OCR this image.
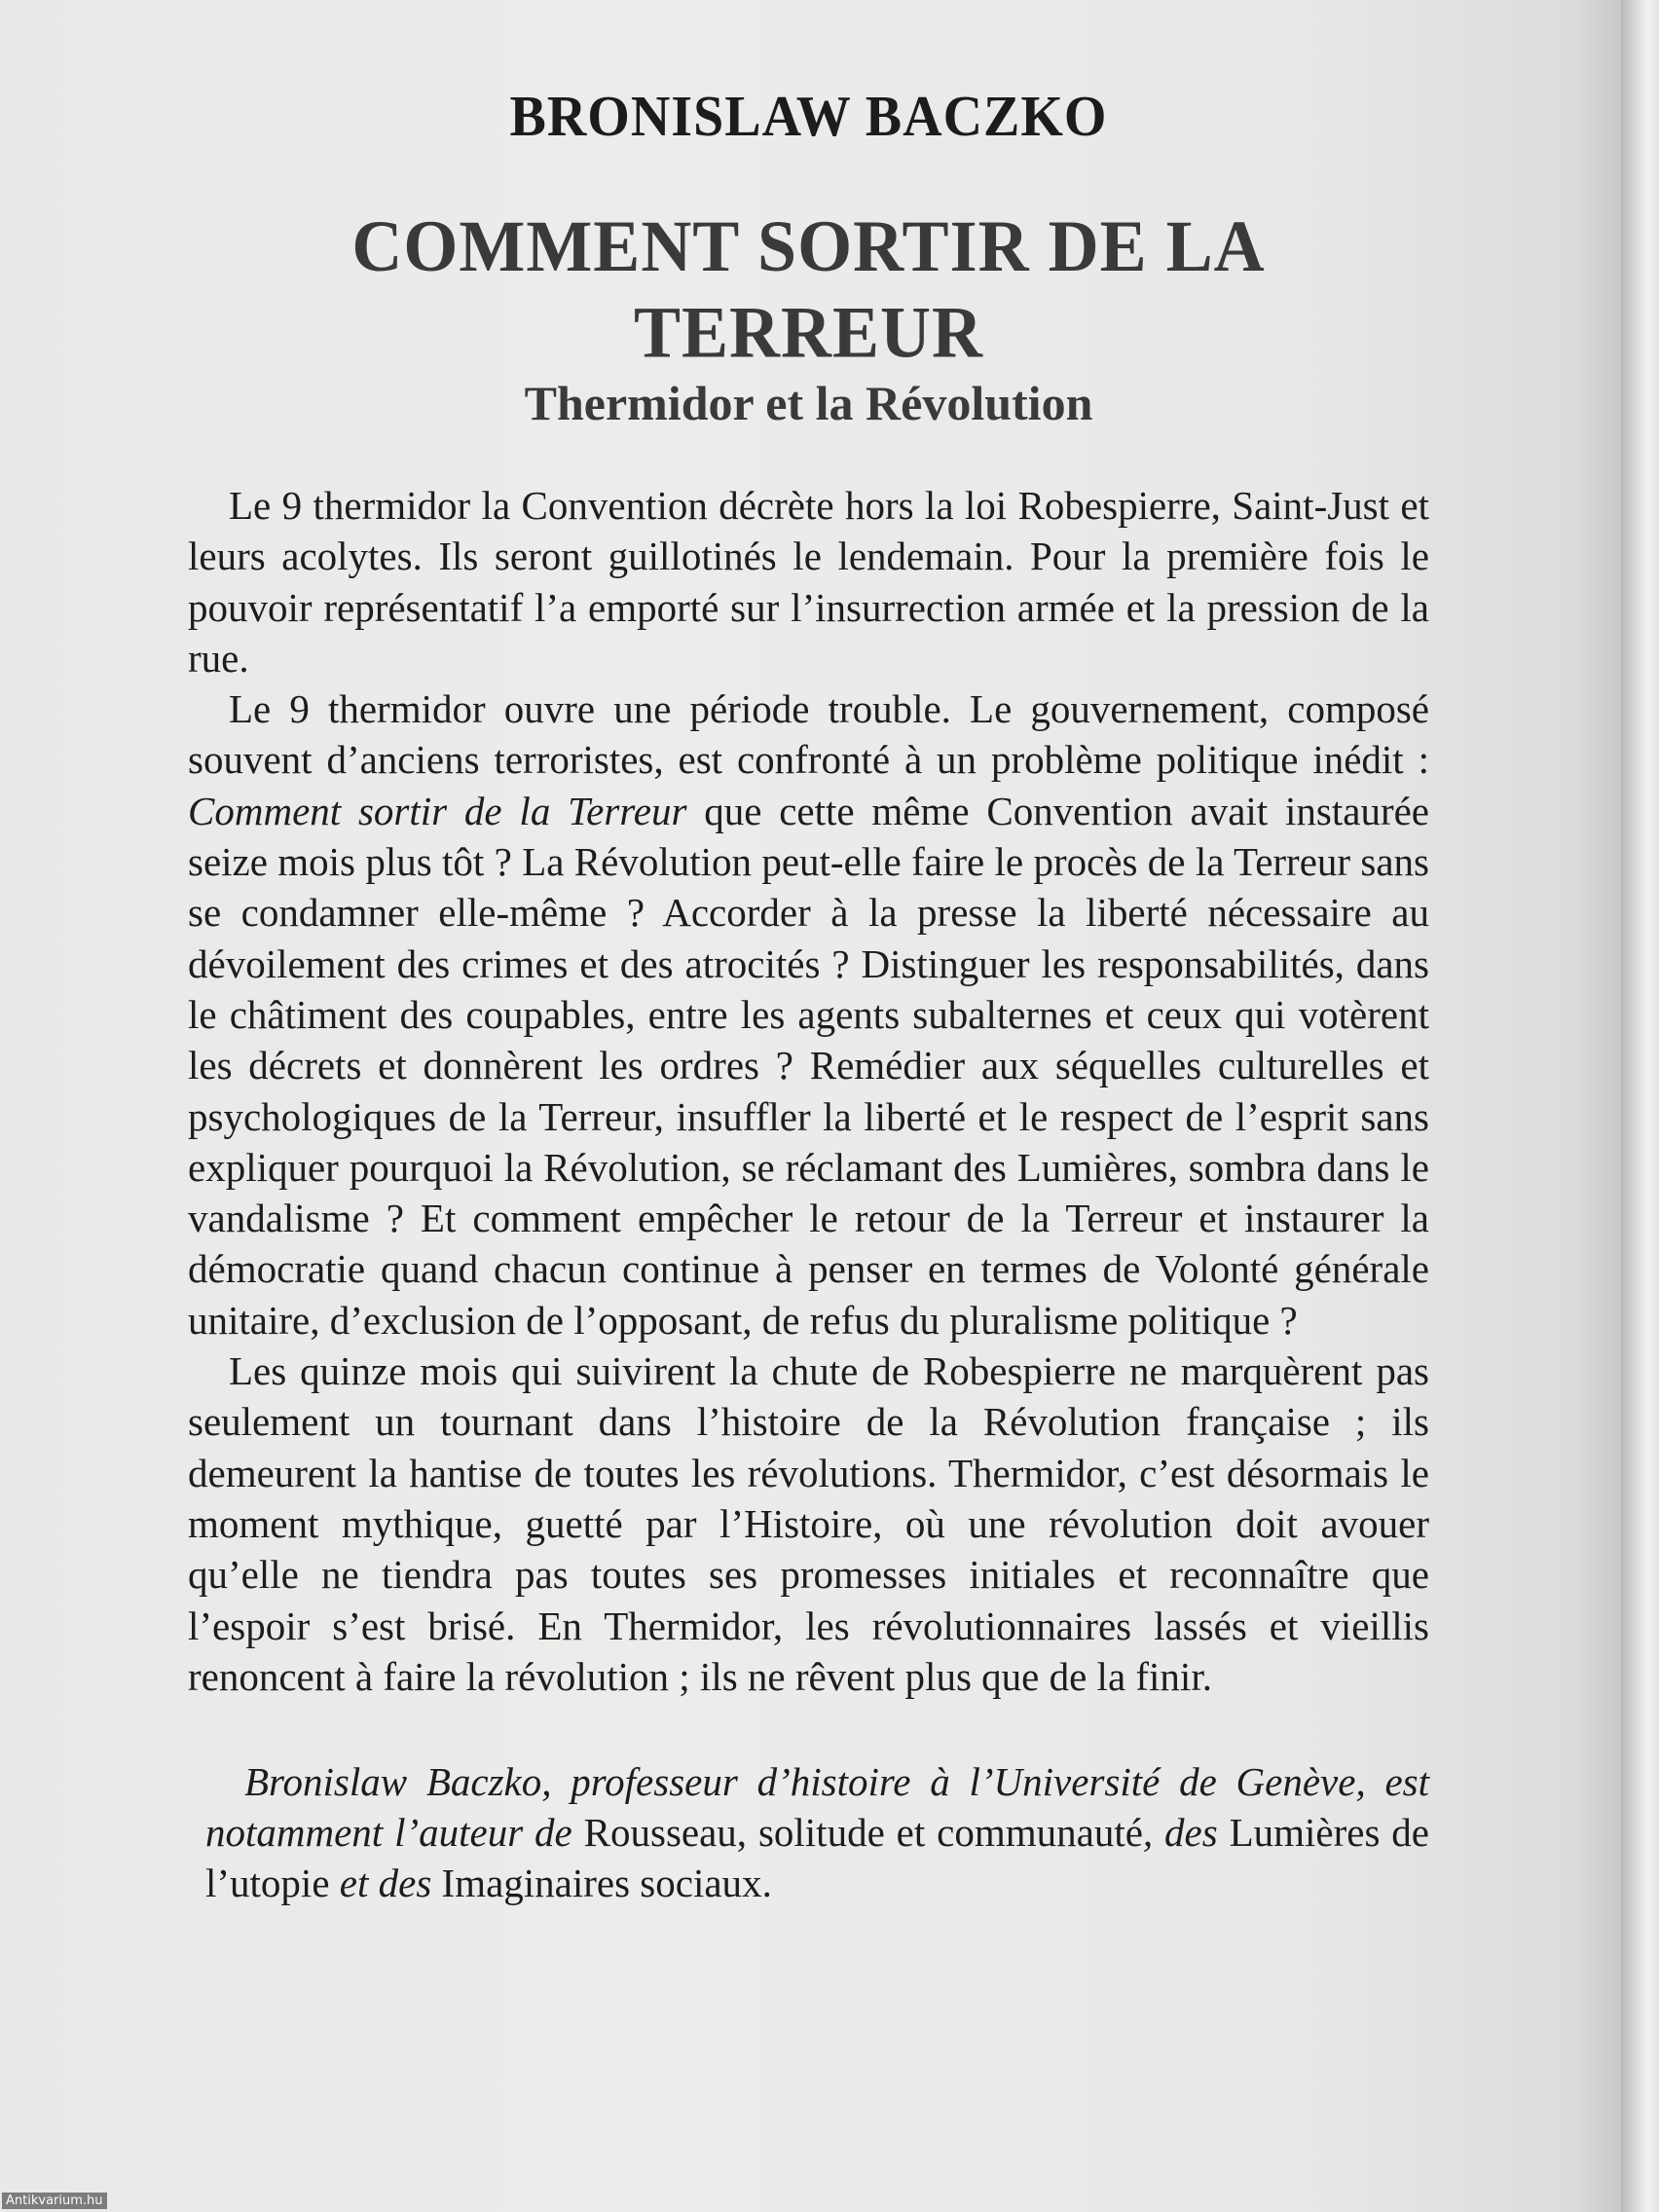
BRONISLAW BACZKO
COMMENT SORTIR DE LA TERREUR
Thermidor et la Révolution

Le 9 thermidor la Convention décrète hors la loi Robespierre, Saint-Just et leurs acolytes. Ils seront guillotinés le lendemain. Pour la première fois le pouvoir représentatif l’a emporté sur l’insurrection armée et la pression de la rue.

Le 9 thermidor ouvre une période trouble. Le gouvernement, composé souvent d’anciens terroristes, est confronté à un problème politique inédit : Comment sortir de la Terreur que cette même Convention avait instaurée seize mois plus tôt ? La Révolution peut-elle faire le procès de la Terreur sans se condamner elle-même ? Accorder à la presse la liberté nécessaire au dévoilement des crimes et des atrocités ? Distinguer les responsabilités, dans le châtiment des coupables, entre les agents subalternes et ceux qui votèrent les décrets et donnèrent les ordres ? Remédier aux séquelles culturelles et psychologiques de la Terreur, insuffler la liberté et le respect de l’esprit sans expliquer pourquoi la Révolution, se réclamant des Lumières, sombra dans le vandalisme ? Et comment empêcher le retour de la Terreur et instaurer la démocratie quand chacun continue à penser en termes de Volonté générale unitaire, d’exclusion de l’opposant, de refus du pluralisme politique ?

Les quinze mois qui suivirent la chute de Robespierre ne marquèrent pas seulement un tournant dans l’histoire de la Révolution française ; ils demeurent la hantise de toutes les révolutions. Thermidor, c’est désormais le moment mythique, guetté par l’Histoire, où une révolution doit avouer qu’elle ne tiendra pas toutes ses promesses initiales et reconnaître que l’espoir s’est brisé. En Thermidor, les révolutionnaires lassés et vieillis renoncent à faire la révolution ; ils ne rêvent plus que de la finir.

Bronislaw Baczko, professeur d’histoire à l’Université de Genève, est notamment l’auteur de Rousseau, solitude et communauté, des Lumières de l’utopie et des Imaginaires sociaux.

Antikvarium.hu
